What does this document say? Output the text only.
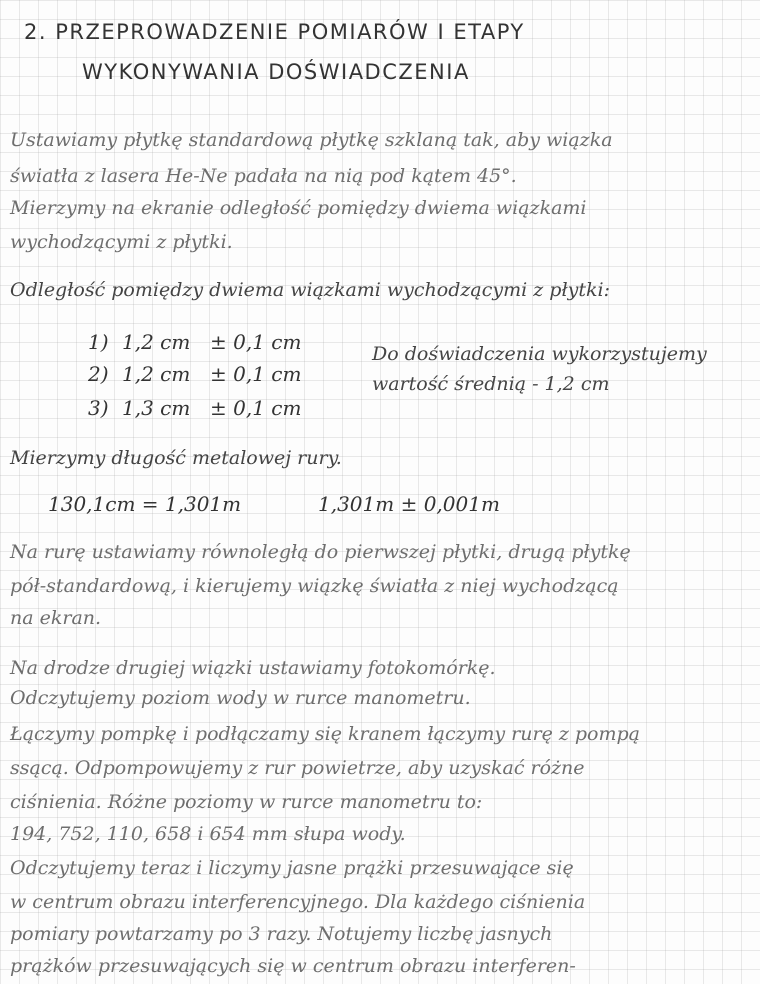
2. PRZEPROWADZENIE POMIARÓW I ETAPY
WYKONYWANIA DOŚWIADCZENIA
Ustawiamy płytkę standardową płytkę szklaną tak, aby wiązka
światła z lasera He-Ne padała na nią pod kątem 45°.
Mierzymy na ekranie odległość pomiędzy dwiema wiązkami
wychodzącymi z płytki.
Odległość pomiędzy dwiema wiązkami wychodzącymi z płytki:
1) 1,2 cm ± 0,1 cm
2) 1,2 cm ± 0,1 cm
3) 1,3 cm ± 0,1 cm
Do doświadczenia wykorzystujemy
wartość średnią - 1,2 cm
Mierzymy długość metalowej rury.
130,1cm = 1,301m	1,301m ± 0,001m
Na rurę ustawiamy równoległą do pierwszej płytki, drugą płytkę
pół-standardową, i kierujemy wiązkę światła z niej wychodzącą
na ekran.
Na drodze drugiej wiązki ustawiamy fotokomórkę.
Odczytujemy poziom wody w rurce manometru.
Łączymy pompkę i podłączamy się kranem łączymy rurę z pompą
ssącą. Odpompowujemy z rur powietrze, aby uzyskać różne
ciśnienia. Różne poziomy w rurce manometru to:
194, 752, 110, 658 i 654 mm słupa wody.
Odczytujemy teraz i liczymy jasne prążki przesuwające się
w centrum obrazu interferencyjnego. Dla każdego ciśnienia
pomiary powtarzamy po 3 razy. Notujemy liczbę jasnych
prążków przesuwających się w centrum obrazu interferen-
